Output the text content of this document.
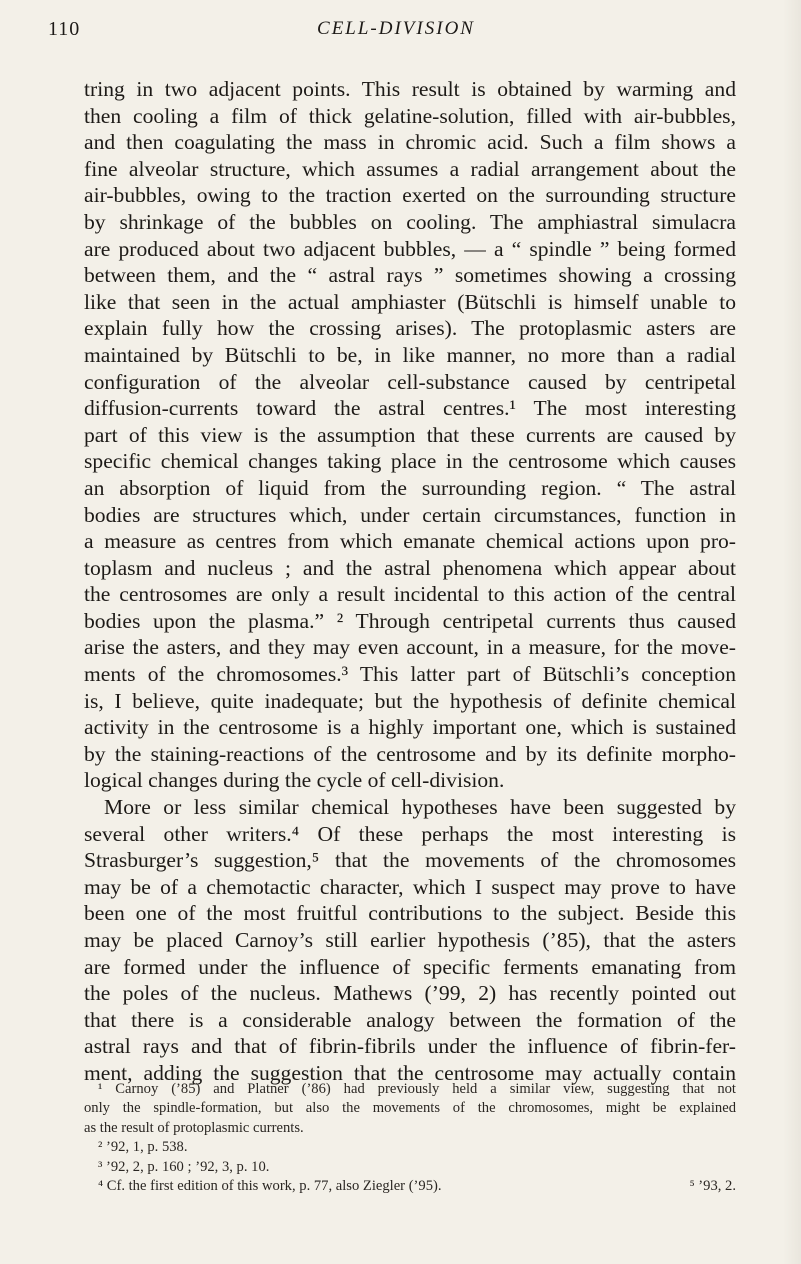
110	CELL-DIVISION
tring in two adjacent points. This result is obtained by warming and
then cooling a film of thick gelatine-solution, filled with air-bubbles,
and then coagulating the mass in chromic acid. Such a film shows a
fine alveolar structure, which assumes a radial arrangement about the
air-bubbles, owing to the traction exerted on the surrounding structure
by shrinkage of the bubbles on cooling. The amphiastral simulacra
are produced about two adjacent bubbles, — a “ spindle ” being formed
between them, and the “ astral rays ” sometimes showing a crossing
like that seen in the actual amphiaster (Bütschli is himself unable to
explain fully how the crossing arises). The protoplasmic asters are
maintained by Bütschli to be, in like manner, no more than a radial
configuration of the alveolar cell-substance caused by centripetal
diffusion-currents toward the astral centres.¹ The most interesting
part of this view is the assumption that these currents are caused by
specific chemical changes taking place in the centrosome which causes
an absorption of liquid from the surrounding region. “ The astral
bodies are structures which, under certain circumstances, function in
a measure as centres from which emanate chemical actions upon pro-
toplasm and nucleus ; and the astral phenomena which appear about
the centrosomes are only a result incidental to this action of the central
bodies upon the plasma.” ² Through centripetal currents thus caused
arise the asters, and they may even account, in a measure, for the move-
ments of the chromosomes.³ This latter part of Bütschli’s conception
is, I believe, quite inadequate; but the hypothesis of definite chemical
activity in the centrosome is a highly important one, which is sustained
by the staining-reactions of the centrosome and by its definite morpho-
logical changes during the cycle of cell-division.
More or less similar chemical hypotheses have been suggested by
several other writers.⁴ Of these perhaps the most interesting is
Strasburger’s suggestion,⁵ that the movements of the chromosomes
may be of a chemotactic character, which I suspect may prove to have
been one of the most fruitful contributions to the subject. Beside this
may be placed Carnoy’s still earlier hypothesis (’85), that the asters
are formed under the influence of specific ferments emanating from
the poles of the nucleus. Mathews (’99, 2) has recently pointed out
that there is a considerable analogy between the formation of the
astral rays and that of fibrin-fibrils under the influence of fibrin-fer-
ment, adding the suggestion that the centrosome may actually contain
¹ Carnoy (’85) and Platner (’86) had previously held a similar view, suggesting that not
only the spindle-formation, but also the movements of the chromosomes, might be explained
as the result of protoplasmic currents.
² ’92, 1, p. 538.
³ ’92, 2, p. 160 ; ’92, 3, p. 10.
⁴ Cf. the first edition of this work, p. 77, also Ziegler (’95).	⁵ ’93, 2.
